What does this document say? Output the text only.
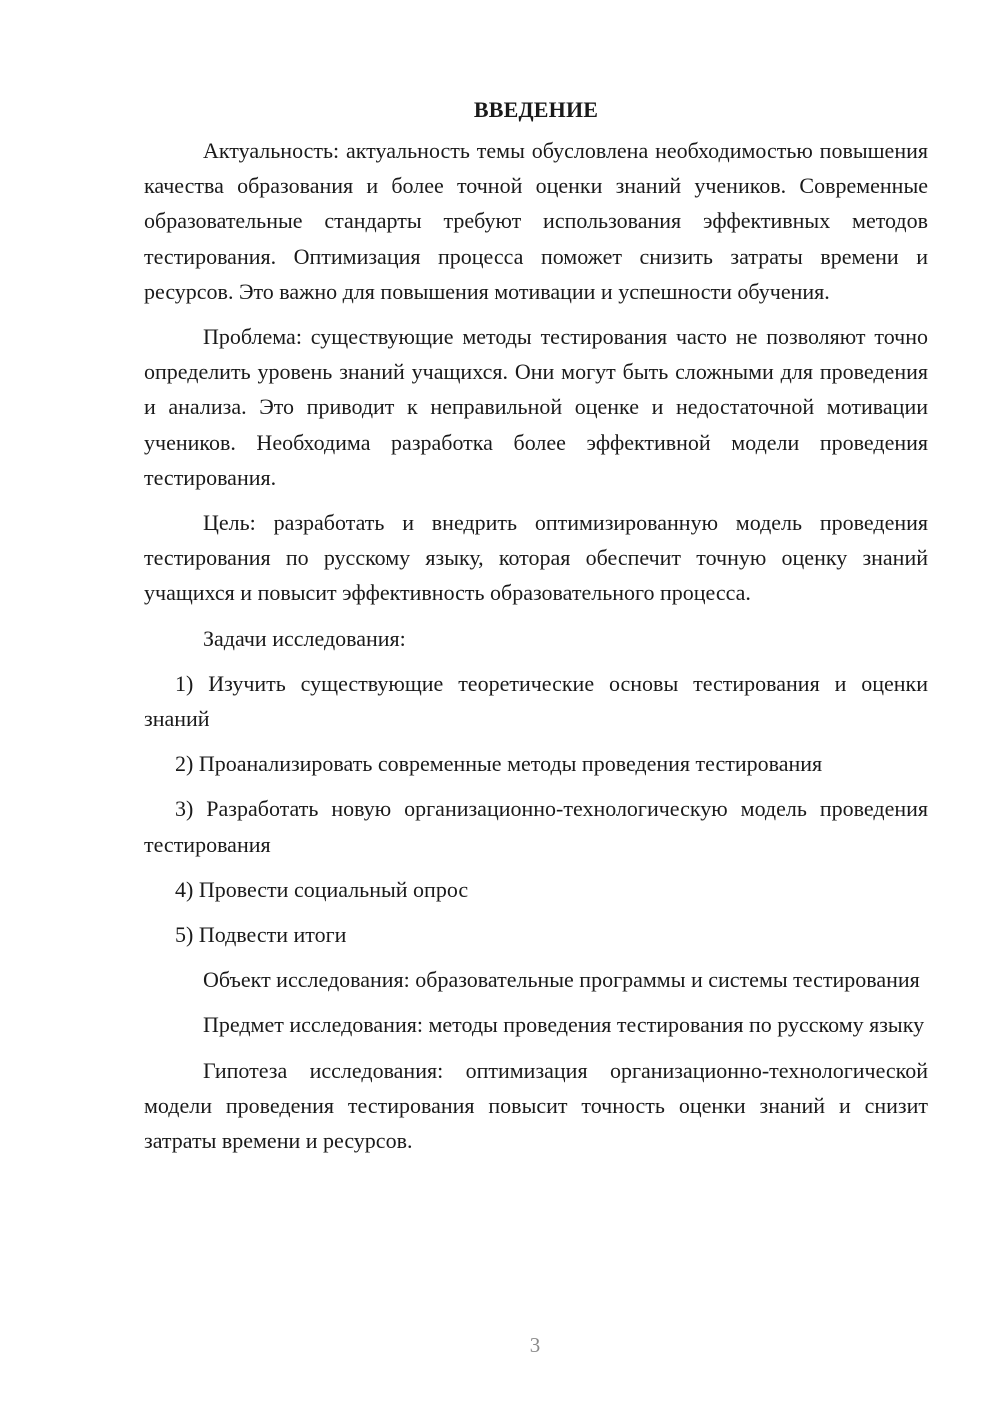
ВВЕДЕНИЕ

Актуальность: актуальность темы обусловлена необходимостью повышения качества образования и более точной оценки знаний учеников. Современные образовательные стандарты требуют использования эффективных методов тестирования. Оптимизация процесса поможет снизить затраты времени и ресурсов. Это важно для повышения мотивации и успешности обучения.

Проблема: существующие методы тестирования часто не позволяют точно определить уровень знаний учащихся. Они могут быть сложными для проведения и анализа. Это приводит к неправильной оценке и недостаточной мотивации учеников. Необходима разработка более эффективной модели проведения тестирования.

Цель: разработать и внедрить оптимизированную модель проведения тестирования по русскому языку, которая обеспечит точную оценку знаний учащихся и повысит эффективность образовательного процесса.

Задачи исследования:

1) Изучить существующие теоретические основы тестирования и оценки знаний

2) Проанализировать современные методы проведения тестирования

3) Разработать новую организационно-технологическую модель проведения тестирования

4) Провести социальный опрос

5) Подвести итоги

Объект исследования: образовательные программы и системы тестирования

Предмет исследования: методы проведения тестирования по русскому языку

Гипотеза исследования: оптимизация организационно-технологической модели проведения тестирования повысит точность оценки знаний и снизит затраты времени и ресурсов.

3
